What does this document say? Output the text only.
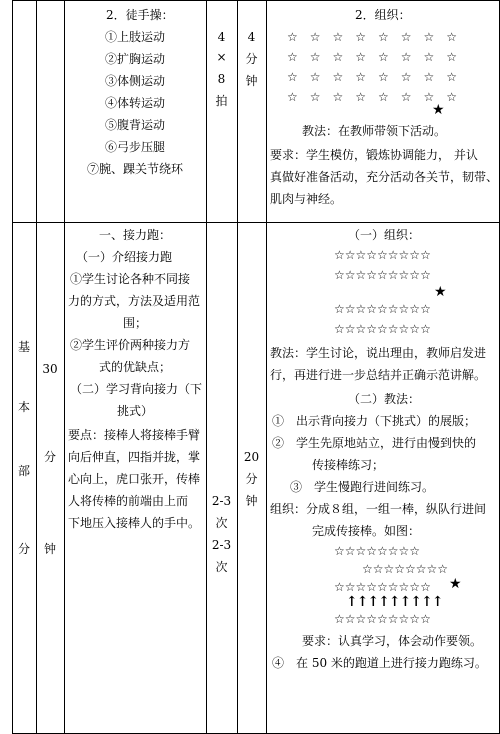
2．徒手操：
①上肢运动
②扩胸运动
③体侧运动
④体转运动
⑤腹背运动
⑥弓步压腿
⑦腕、踝关节绕环
4
×
8
拍
4
分
钟
2．组织：
☆　☆　☆　☆　☆　☆　☆　☆
☆　☆　☆　☆　☆　☆　☆　☆
☆　☆　☆　☆　☆　☆　☆　☆
☆　☆　☆　☆　☆　☆　☆　☆
★
教法：在教师带领下活动。
要求：学生模仿，锻炼协调能力， 并认
真做好准备活动，充分活动各关节，韧带、
肌肉与神经。
基
本
部
分
30
分
钟
一、接力跑：
（一）介绍接力跑
①学生讨论各种不同接
力的方式，方法及适用范
围；
②学生评价两种接力方
式的优缺点；
（二）学习背向接力（下
挑式）
要点：接棒人将接棒手臂
向后伸直，四指并拢，掌
心向上，虎口张开，传棒
人将传棒的前端由上而
下地压入接棒人的手中。
2-3
次
2-3
次
20
分
钟
（一）组织：
☆☆☆☆☆☆☆☆☆
☆☆☆☆☆☆☆☆☆
★
☆☆☆☆☆☆☆☆☆
☆☆☆☆☆☆☆☆☆
教法：学生讨论，说出理由，教师启发进
行，再进行进一步总结并正确示范讲解。
（二）教法：
①　出示背向接力（下挑式）的展版；
②　学生先原地站立，进行由慢到快的
传接棒练习；
③　学生慢跑行进间练习。
组织：分成８组，一组一棒，纵队行进间
完成传接棒。如图：
☆☆☆☆☆☆☆☆
☆☆☆☆☆☆☆☆
☆☆☆☆☆☆☆☆☆ ★
↑↑↑↑↑↑↑↑↑
☆☆☆☆☆☆☆☆☆
要求：认真学习，体会动作要领。
④　在 50 米的跑道上进行接力跑练习。
